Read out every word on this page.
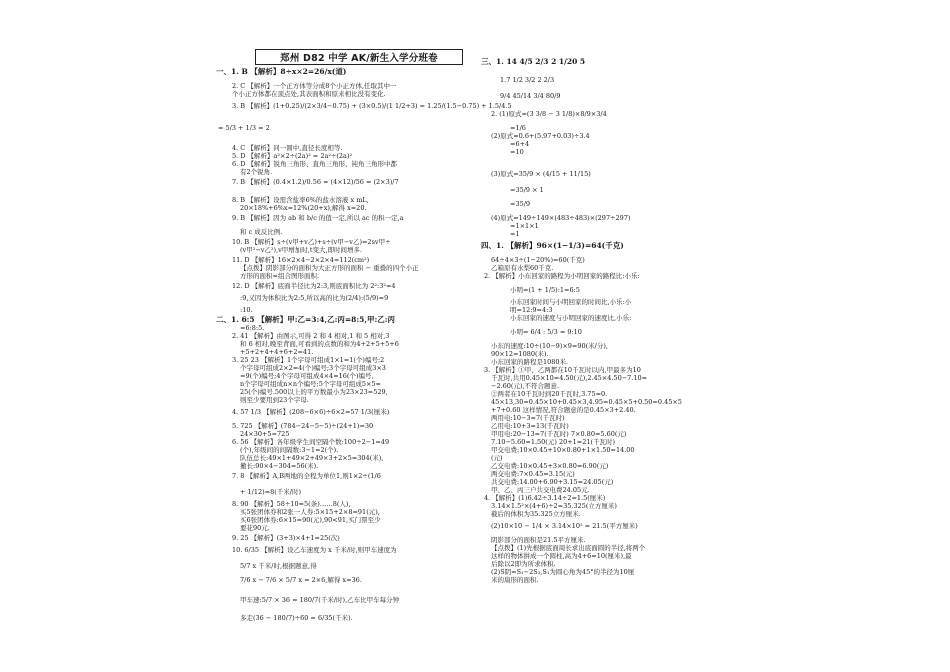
郑州 D82 中学 AK/新生入学分班卷
一、1. B 【解析】8÷x×2=26/x(道)
2. C 【解析】一个正方体等分成8个小正方体,任取其中一
个小正方体都在顶点处,其表面积和原来相比没有变化.
3. B 【解析】(1+0.25)/(2×3/4−0.75) + (3×0.5)/(1 1/2+3) = 1.25/(1.5−0.75) + 1.5/4.5
= 5/3 + 1/3 = 2
4. C 【解析】同一圆中,直径长度相等.
5. D 【解析】a²×2÷(2a)² = 2a²÷(2a)²
6. D 【解析】锐角三角形、直角三角形、钝角三角形中都
有2个锐角.
7. B 【解析】(0.4×1.2)/0.56 = (4×12)/56 = (2×3)/7
8. B 【解析】设需含盐率6%的盐水溶液 x mL,
20×18%+6%x=12%(20+x),解得 x=20.
9. B 【解析】因为 ab 和 b/c 的值一定,所以 ac 的积一定,a
和 c 成反比例.
10. B 【解析】s÷(v甲+v乙)+s÷(v甲−v乙)=2sv甲÷
(v甲²−v乙²),v甲增加时,t变大,即时间增多.
11. D 【解析】16×2×4−2×2×4=112(cm²)
【点拨】阴影部分的面积为大正方形的面积 − 重叠的四个小正
方形的面积=组合图形面积.
12. D 【解析】底面半径比为2:3,则底面积比为 2²:3²=4
:9,又因为体积比为2:5,所以高的比为(2/4):(5/9)=9
:10.
二、1. 6:5 【解析】甲:乙=3:4,乙:丙=8:5,甲:乙:丙
=6:8:5.
2. 41 【解析】由图示,可得 2 和 4 相对,1 和 5 相对,3
和 6 相对,晚至背面,可看到的点数的和为4+2+5+5+6
+5+2+4+4+6+2=41.
3. 25 23 【解析】1个字母可组成1×1=1(个)编号;2
个字母可组成2×2=4(个)编号;3个字母可组成3×3
=9(个)编号;4个字母可组成4×4=16(个)编号,
n个字母可组成n×n个编号;5个字母可组成5×5=
25(个)编号.500以上的平方数最小为23×23=529,
则至少要用到23个字母.
4. 57 1/3 【解析】(208−6×6)÷6×2=57 1/3(厘米)
5. 725 【解析】(784−24−5−5)÷(24+1)=30
24×30+5=725
6. 56 【解析】各年级学生间空隔个数:100÷2−1=49
(个),年级间的间隔数:3−1=2(个).
队伍总长:49×1+49×2+49×3+2×5=304(米),
撤长:90×4−304=56(米).
7. 8 【解析】A,B两地的全程为单位1,则1×2÷(1/6
+ 1/12)=8(千米/时)
8. 90 【解析】58÷10=5(条)……8(人),
买5张团体券和2张一人券:5×15+2×8=91(元),
买6张团体券:6×15=90(元),90<91,买门票至少
要花90元.
9. 25 【解析】(3+3)×4+1=25(次)
10. 6/35 【解析】设乙车速度为 x 千米/时,则甲车速度为
5/7 x 千米/时,根据题意,得
7/6 x − 7/6 × 5/7 x = 2×6,解得 x=36.
甲车速:5/7 × 36 = 180/7(千米/时),乙车比甲车每分钟
多走(36 − 180/7)÷60 = 6/35(千米).
三、1. 14 4/5 2/3 2 1/20 5
1.7 1/2 3/2 2 2/3
9/4 45/14 3/4 80/9
2. (1)原式=(3 3/8 − 3 1/8)×8/9×3/4
=1/6
(2)原式=0.6+(5.97+0.03)÷3.4
=6+4
=10
(3)原式=35/9 × (4/15 + 11/15)
=35/9 × 1
=35/9
(4)原式=149÷149×(483÷483)×(297÷297)
=1×1×1
=1
四、1. 【解析】96×(1−1/3)=64(千克)
64÷4×3÷(1−20%)=60(千克)
乙箱原有水梨60千克.
2. 【解析】小东回家的路程为小明回家的路程比:小乐:
小明=(1 + 1/5):1=6:5
小东回家时间与小明回家的时间比,小乐:小
明=12:9=4:3
小东回家的速度与小明回家的速度比,小乐:
小明= 6/4 : 5/3 = 9:10
小东的速度:10÷(10−9)×9=90(米/分),
90×12=1080(米).
小东回家的路程是1080米.
3. 【解析】①甲、乙两都在10千瓦时以内,甲最多为10
千瓦时,共用0.45×10=4.50(元),2.45×4.50−7.10=
−2.60(元),不符合题意.
②两者在10千瓦时到20千瓦时,3.75=0.
45×13,30=0.45×10+0.45×3,4.95=0.45×5+0.50=0.45×5
+7+0.60 这样情况,符合题意的是0.45×3+2.40.
两用电:10−3=7(千瓦时)
乙用电:10+3=13(千瓦时)
甲用电:20−13=7(千瓦时) 7×0.80=5.60(元)
7.10−5.60=1.50(元) 20+1=21(千瓦时)
甲交电费:10×0.45+10×0.80+1×1.50=14.00
(元)
乙交电费:10×0.45+3×0.80=6.90(元)
两交电费:7×0.45=3.15(元)
共交电费:14.00+6.90+3.15=24.05(元)
甲、乙、丙三户共交电费24.05元.
4. 【解析】(1)6.42÷3.14÷2=1.5(厘米)
3.14×1.5²×(4+6)÷2=35.325(立方厘米)
截后的体积为35.325立方厘米.
(2)10×10 − 1/4 × 3.14×10² = 21.5(平方厘米)
阴影部分的面积是21.5平方厘米.
【点拨】(1)先根据底面周长求出底面圆的半径,将两个
这样的物体拼成一个圆柱,高为4+6=10(厘米),最
后除以2即为所求体积.
(2)S阴=S₁−2S₂,S₁为圆心角为45°的半径为10厘
米的扇形的面积.
